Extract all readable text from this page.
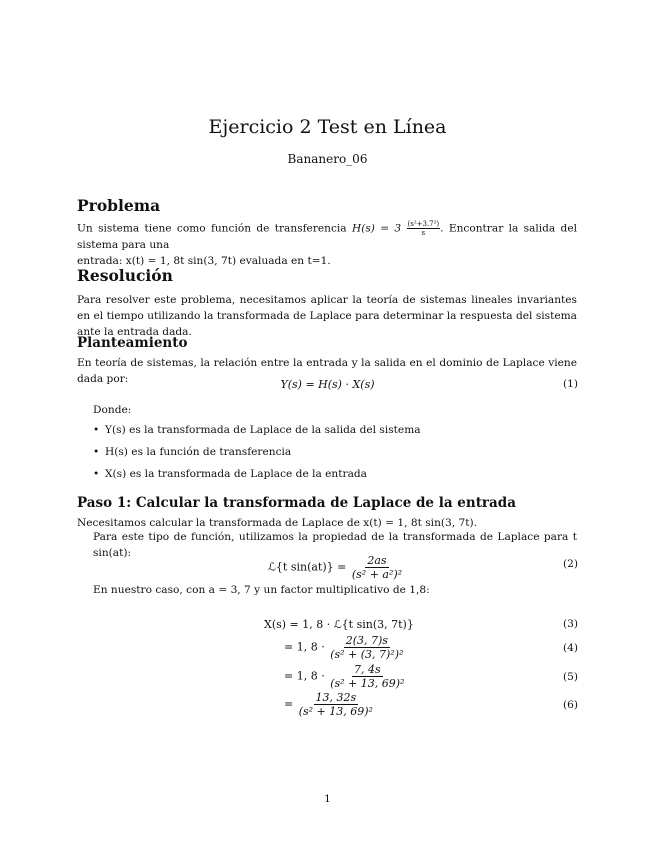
Ejercicio 2 Test en Línea
Bananero_06
Problema
Un sistema tiene como función de transferencia $H(s) = 3 \frac{\text{(s²+3.7²)}}{s}$ . Encontrar la salida del sistema para una
entrada: x(t) = 1, 8t sin(3, 7t) evaluada en t=1.
Resolución
Para resolver este problema, necesitamos aplicar la teoría de sistemas lineales invariantes en el tiempo utilizando la transformada de Laplace para determinar la respuesta del sistema ante la entrada dada.
Planteamiento
En teoría de sistemas, la relación entre la entrada y la salida en el dominio de Laplace viene dada por:	Y(s) = H(s) · X(s)	(1)
Donde:
• Y(s) es la transformada de Laplace de la salida del sistema
• H(s) es la función de transferencia
• X(s) es la transformada de Laplace de la entrada
Paso 1: Calcular la transformada de Laplace de la entrada
Necesitamos calcular la transformada de Laplace de x(t) = 1, 8t sin(3, 7t).
Para este tipo de función, utilizamos la propiedad de la transformada de Laplace para t sin(at):
ℒ{t $\sin(at)\} = \frac{2as}{\text{(s² + a²)²}}$	(2)
En nuestro caso, con a = 3, 7 y un factor multiplicativo de 1,8:
X(s) = 1, 8 · ℒ{t sin(3, 7t)}	(3)
= 1, $8 \cdot \frac{2(3, 7)s}{\text{(s² + (3, 7)²)²}}$	(4)
= 1, $8 \cdot \frac{7, 4s}{\text{(s² + 13, 69)²}}$	(5)
= $\frac{13, 32s}{\text{(s² + 13, 69)²}}$	(6)
1
